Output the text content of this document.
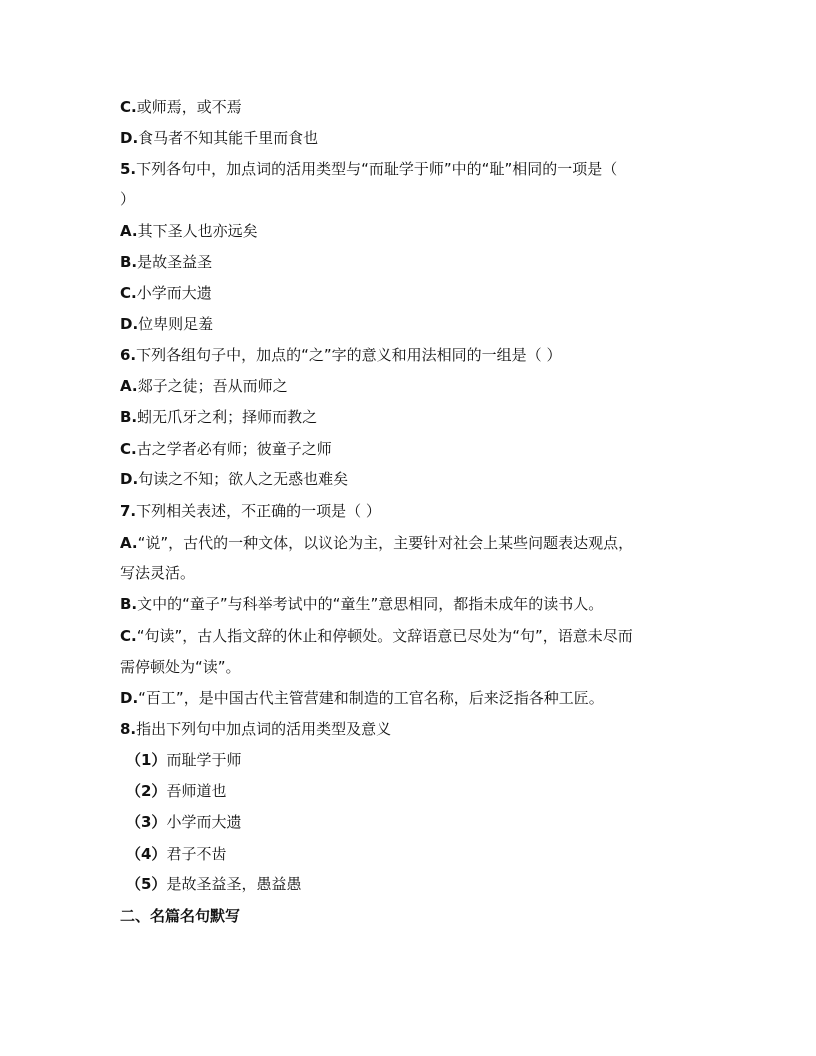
C.或师焉，或不焉
D.食马者不知其能千里而食也
5.下列各句中，加点词的活用类型与“而耻学于师”中的“耻”相同的一项是（
）
A.其下圣人也亦远矣
B.是故圣益圣
C.小学而大遗
D.位卑则足羞
6.下列各组句子中，加点的“之”字的意义和用法相同的一组是（ ）
A.郯子之徒；吾从而师之
B.蚓无爪牙之利；择师而教之
C.古之学者必有师；彼童子之师
D.句读之不知；欲人之无惑也难矣
7.下列相关表述，不正确的一项是（ ）
A.“说”，古代的一种文体，以议论为主，主要针对社会上某些问题表达观点，
写法灵活。
B.文中的“童子”与科举考试中的“童生”意思相同，都指未成年的读书人。
C.“句读”，古人指文辞的休止和停顿处。文辞语意已尽处为“句”，语意未尽而
需停顿处为“读”。
D.“百工”，是中国古代主管营建和制造的工官名称，后来泛指各种工匠。
8.指出下列句中加点词的活用类型及意义
（1）而耻学于师
（2）吾师道也
（3）小学而大遗
（4）君子不齿
（5）是故圣益圣，愚益愚
二、名篇名句默写
